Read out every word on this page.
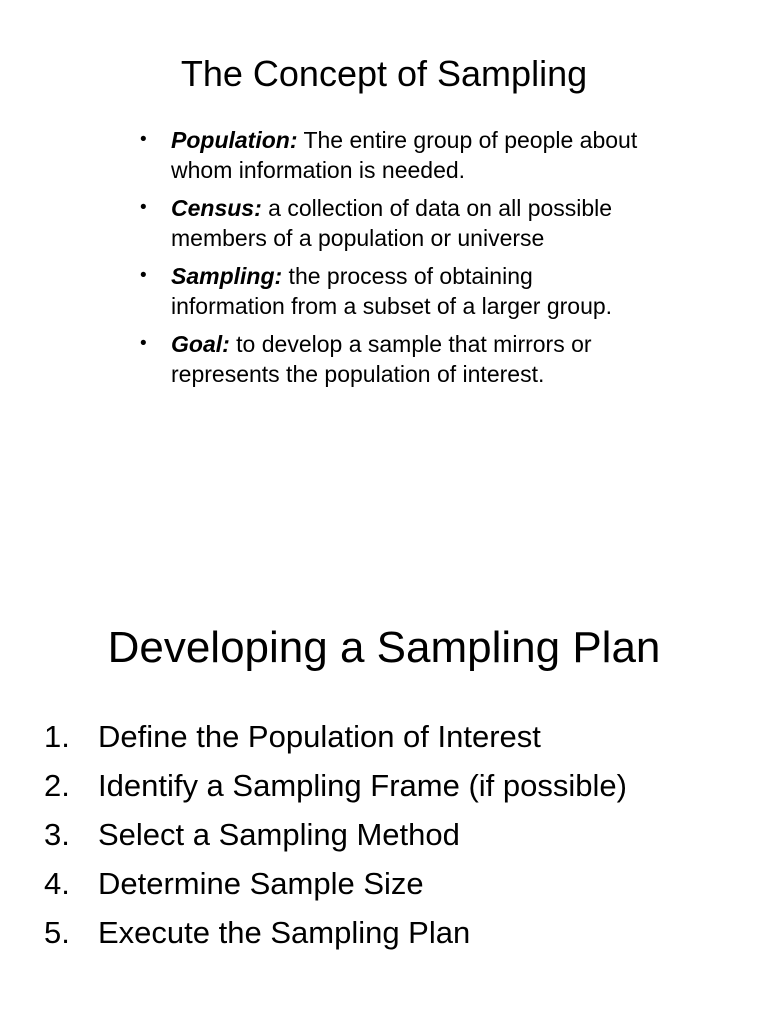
The Concept of Sampling
• Population: The entire group of people about whom information is needed.
• Census: a collection of data on all possible members of a population or universe
• Sampling: the process of obtaining information from a subset of a larger group.
• Goal: to develop a sample that mirrors or represents the population of interest.
Developing a Sampling Plan
1. Define the Population of Interest
2. Identify a Sampling Frame (if possible)
3. Select a Sampling Method
4. Determine Sample Size
5. Execute the Sampling Plan
